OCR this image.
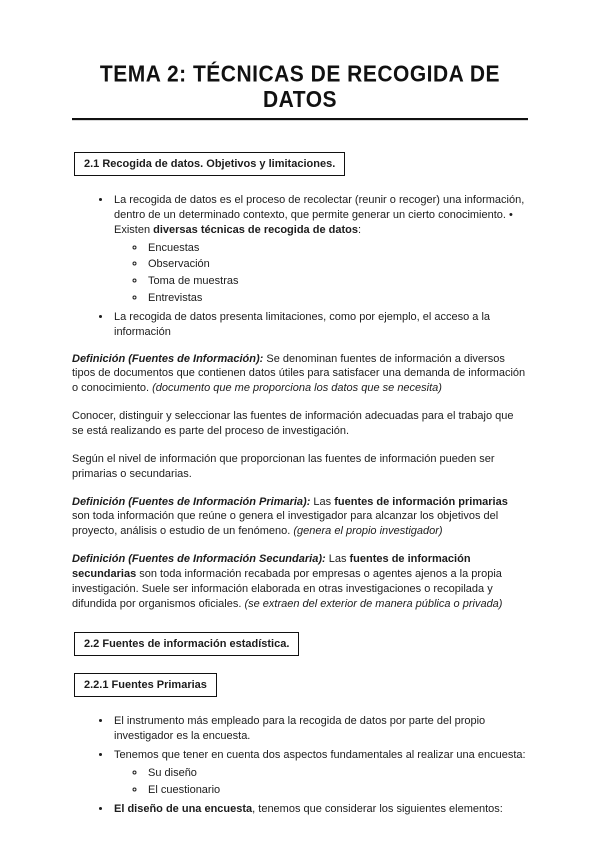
TEMA 2: TÉCNICAS DE RECOGIDA DE DATOS
2.1 Recogida de datos. Objetivos y limitaciones.
• La recogida de datos es el proceso de recolectar (reunir o recoger) una información, dentro de un determinado contexto, que permite generar un cierto conocimiento. • Existen diversas técnicas de recogida de datos:
◦ Encuestas
◦ Observación
◦ Toma de muestras
◦ Entrevistas
• La recogida de datos presenta limitaciones, como por ejemplo, el acceso a la información

Definición (Fuentes de Información): Se denominan fuentes de información a diversos tipos de documentos que contienen datos útiles para satisfacer una demanda de información o conocimiento. (documento que me proporciona los datos que se necesita)

Conocer, distinguir y seleccionar las fuentes de información adecuadas para el trabajo que se está realizando es parte del proceso de investigación.

Según el nivel de información que proporcionan las fuentes de información pueden ser primarias o secundarias.

Definición (Fuentes de Información Primaria): Las fuentes de información primarias son toda información que reúne o genera el investigador para alcanzar los objetivos del proyecto, análisis o estudio de un fenómeno. (genera el propio investigador)

Definición (Fuentes de Información Secundaria): Las fuentes de información secundarias son toda información recabada por empresas o agentes ajenos a la propia investigación. Suele ser información elaborada en otras investigaciones o recopilada y difundida por organismos oficiales. (se extraen del exterior de manera pública o privada)

2.2 Fuentes de información estadística.
2.2.1 Fuentes Primarias
• El instrumento más empleado para la recogida de datos por parte del propio investigador es la encuesta.
• Tenemos que tener en cuenta dos aspectos fundamentales al realizar una encuesta:
◦ Su diseño
◦ El cuestionario
• El diseño de una encuesta, tenemos que considerar los siguientes elementos:
